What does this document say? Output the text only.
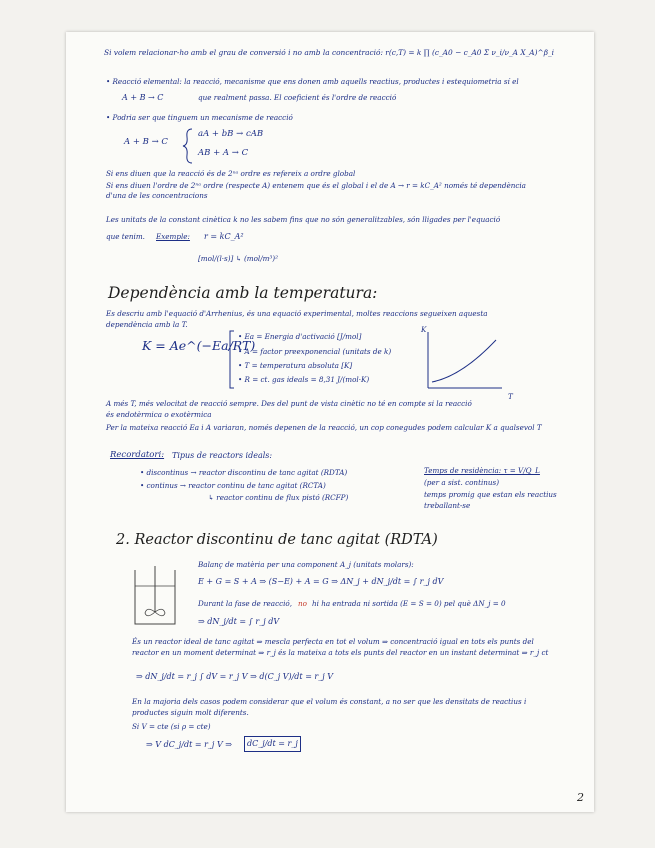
Si volem relacionar-ho amb el grau de conversió i no amb la concentració: r(c,T) = k ∏ (c_A0 − c_A0 Σ ν_i/ν_A X_A)^β_i
• Reacció elemental: la reacció, mecanisme que ens donen amb aquells reactius, productes i estequiometria sí el
A + B → C	que realment passa. El coeficient és l'ordre de reacció
• Podria ser que tinguem un mecanisme de reacció
A + B → C
aA + bB → cAB
AB + A → C
Si ens diuen que la reacció és de 2ⁿᵃ ordre es refereix a ordre global
Si ens diuen l'ordre de 2ⁿᵃ ordre (respecte A) entenem que és el global i el de A → r = kC_A² només té dependència
d'una de les concentracions
Les unitats de la constant cinètica k no les sabem fins que no són generalitzables, són lligades per l'equació
que tenim. Exemple: r = kC_A²
[mol/(l·s)] ↳ (mol/m³)²
Dependència amb la temperatura:
Es descriu amb l'equació d'Arrhenius, és una equació experimental, moltes reaccions segueixen aquesta
dependència amb la T.
K = Ae^(−Ea/RT)
• Ea = Energia d'activació [J/mol]
• A = factor preexponencial (unitats de k)
• T = temperatura absoluta [K]
• R = ct. gas ideals = 8,31 J/(mol·K)
K
T
A més T, més velocitat de reacció sempre. Des del punt de vista cinètic no té en compte si la reacció
és endotèrmica o exotèrmica
Per la mateixa reacció Ea i A variaran, només depenen de la reacció, un cop conegudes podem calcular K a qualsevol T
Recordatori: Tipus de reactors ideals:
• discontinus → reactor discontinu de tanc agitat (RDTA)
• continus → reactor continu de tanc agitat (RCTA)
↳ reactor continu de flux pistó (RCFP)
Temps de residència: τ = V/Q_L
(per a sist. continus)
temps promig que estan els reactius
treballant-se
2. Reactor discontinu de tanc agitat (RDTA)
Balanç de matèria per una component A_j (unitats molars):
E + G = S + A ⇒ (S−E) + A = G ⇒ ΔN_j + dN_j/dt = ∫ r_j dV
Durant la fase de reacció, no hi ha entrada ni sortida (E = S = 0) pel què ΔN_j = 0
⇒ dN_j/dt = ∫ r_j dV
És un reactor ideal de tanc agitat ⇒ mescla perfecta en tot el volum ⇒ concentració igual en tots els punts del
reactor en un moment determinat ⇒ r_j és la mateixa a tots els punts del reactor en un instant determinat ⇒ r_j ct
⇒ dN_j/dt = r_j ∫ dV = r_j V ⇒ d(C_j V)/dt = r_j V
En la majoria dels casos podem considerar que el volum és constant, a no ser que les densitats de reactius i
productes siguin molt diferents.
Si V = cte (si ρ = cte)
⇒ V dC_j/dt = r_j V ⇒	dC_j/dt = r_j
2
